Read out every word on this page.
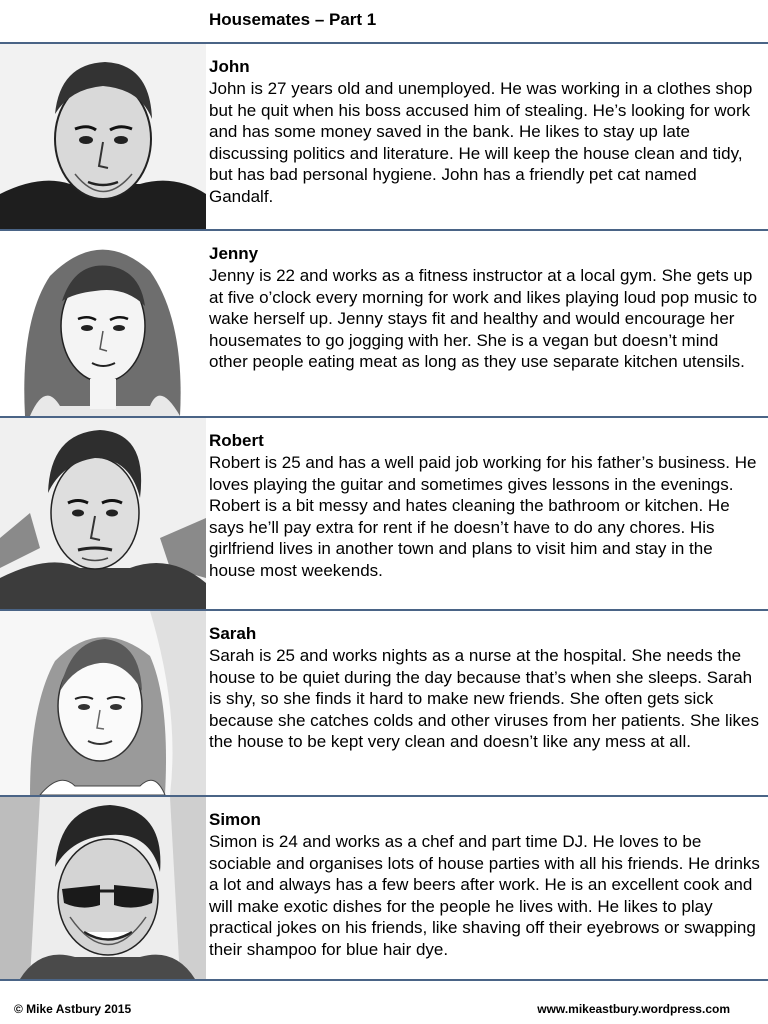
Housemates – Part 1

John

John is 27 years old and unemployed. He was working in a clothes shop but he quit when his boss accused him of stealing. He’s looking for work and has some money saved in the bank. He likes to stay up late discussing politics and literature. He will keep the house clean and tidy, but has bad personal hygiene. John has a friendly pet cat named Gandalf.

Jenny

Jenny is 22 and works as a fitness instructor at a local gym. She gets up at five o’clock every morning for work and likes playing loud pop music to wake herself up. Jenny stays fit and healthy and would encourage her housemates to go jogging with her. She is a vegan but doesn’t mind other people eating meat as long as they use separate kitchen utensils.

Robert

Robert is 25 and has a well paid job working for his father’s business. He loves playing the guitar and sometimes gives lessons in the evenings. Robert is a bit messy and hates cleaning the bathroom or kitchen. He says he’ll pay extra for rent if he doesn’t have to do any chores. His girlfriend lives in another town and plans to visit him and stay in the house most weekends.

Sarah

Sarah is 25 and works nights as a nurse at the hospital. She needs the house to be quiet during the day because that’s when she sleeps. Sarah is shy, so she finds it hard to make new friends. She often gets sick because she catches colds and other viruses from her patients. She likes the house to be kept very clean and doesn’t like any mess at all.

Simon

Simon is 24 and works as a chef and part time DJ. He loves to be sociable and organises lots of house parties with all his friends. He drinks a lot and always has a few beers after work. He is an excellent cook and will make exotic dishes for the people he lives with. He likes to play practical jokes on his friends, like shaving off their eyebrows or swapping their shampoo for blue hair dye.

© Mike Astbury 2015	www.mikeastbury.wordpress.com
